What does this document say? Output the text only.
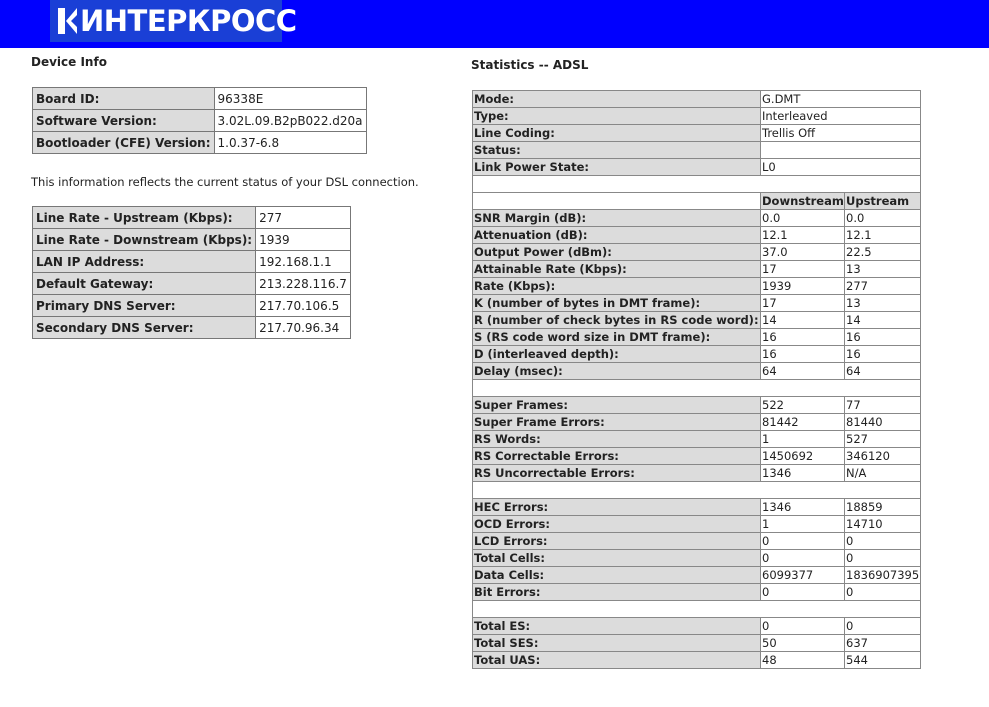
ИНТЕРКРОСС
Device Info
Board ID:	96338E
Software Version:	3.02L.09.B2pB022.d20a
Bootloader (CFE) Version:	1.0.37-6.8
This information reflects the current status of your DSL connection.
Line Rate - Upstream (Kbps):	277
Line Rate - Downstream (Kbps):	1939
LAN IP Address:	192.168.1.1
Default Gateway:	213.228.116.7
Primary DNS Server:	217.70.106.5
Secondary DNS Server:	217.70.96.34
Statistics -- ADSL
Mode:	G.DMT	
Type:	Interleaved	
Line Coding:	Trellis Off	
Status:		
Link Power State:	L0	

	Downstream	Upstream
SNR Margin (dB):	0.0	0.0
Attenuation (dB):	12.1	12.1
Output Power (dBm):	37.0	22.5
Attainable Rate (Kbps):	17	13
Rate (Kbps):	1939	277
K (number of bytes in DMT frame):	17	13
R (number of check bytes in RS code word):	14	14
S (RS code word size in DMT frame):	16	16
D (interleaved depth):	16	16
Delay (msec):	64	64

Super Frames:	522	77
Super Frame Errors:	81442	81440
RS Words:	1	527
RS Correctable Errors:	1450692	346120
RS Uncorrectable Errors:	1346	N/A

HEC Errors:	1346	18859
OCD Errors:	1	14710
LCD Errors:	0	0
Total Cells:	0	0
Data Cells:	6099377	1836907395
Bit Errors:	0	0

Total ES:	0	0
Total SES:	50	637
Total UAS:	48	544
